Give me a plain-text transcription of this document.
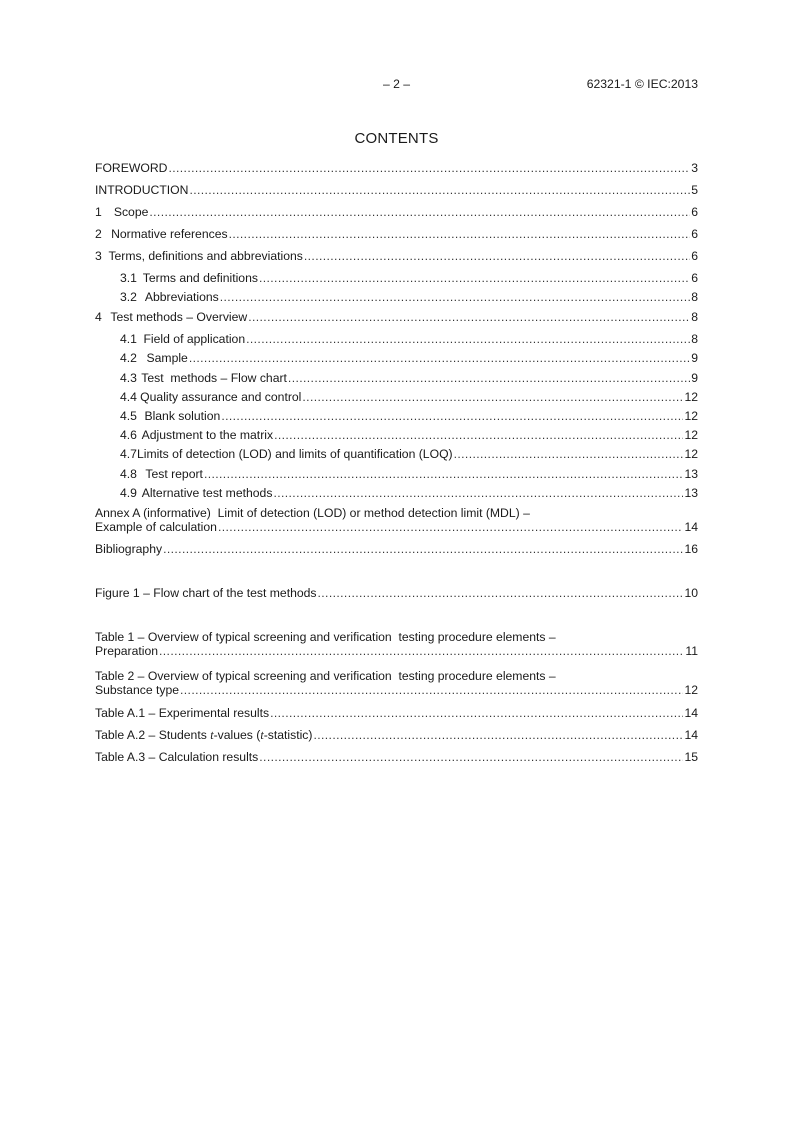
– 2 –	62321-1 © IEC:2013
CONTENTS
FOREWORD . . .	3
INTRODUCTION . . .	5
1 Scope . . .	6
2 Normative references . . .	6
3 Terms, definitions and abbreviations . . .	6
3.1 Terms and definitions . . .	6
3.2 Abbreviations . . .	8
4 Test methods – Overview . . .	8
4.1 Field of application . . .	8
4.2 Sample . . .	9
4.3 Test  methods – Flow chart . . .	9
4.4 Quality assurance and control . . .	12
4.5 Blank solution . . .	12
4.6 Adjustment to the matrix . . .	12
4.7 Limits of detection (LOD) and limits of quantification (LOQ) . . .	12
4.8 Test report . . .	13
4.9 Alternative test methods . . .	13
Annex A (informative)  Limit of detection (LOD) or method detection limit (MDL) –
Example of calculation . . .	14
Bibliography . . .	16
Figure 1 – Flow chart of the test methods . . .	10
Table 1 – Overview of typical screening and verification  testing procedure elements –
Preparation . . .	11
Table 2 – Overview of typical screening and verification  testing procedure elements –
Substance type . . .	12
Table A.1 – Experimental results . . .	14
Table A.2 – Students t-values (t-statistic) . . .	14
Table A.3 – Calculation results . . .	15
